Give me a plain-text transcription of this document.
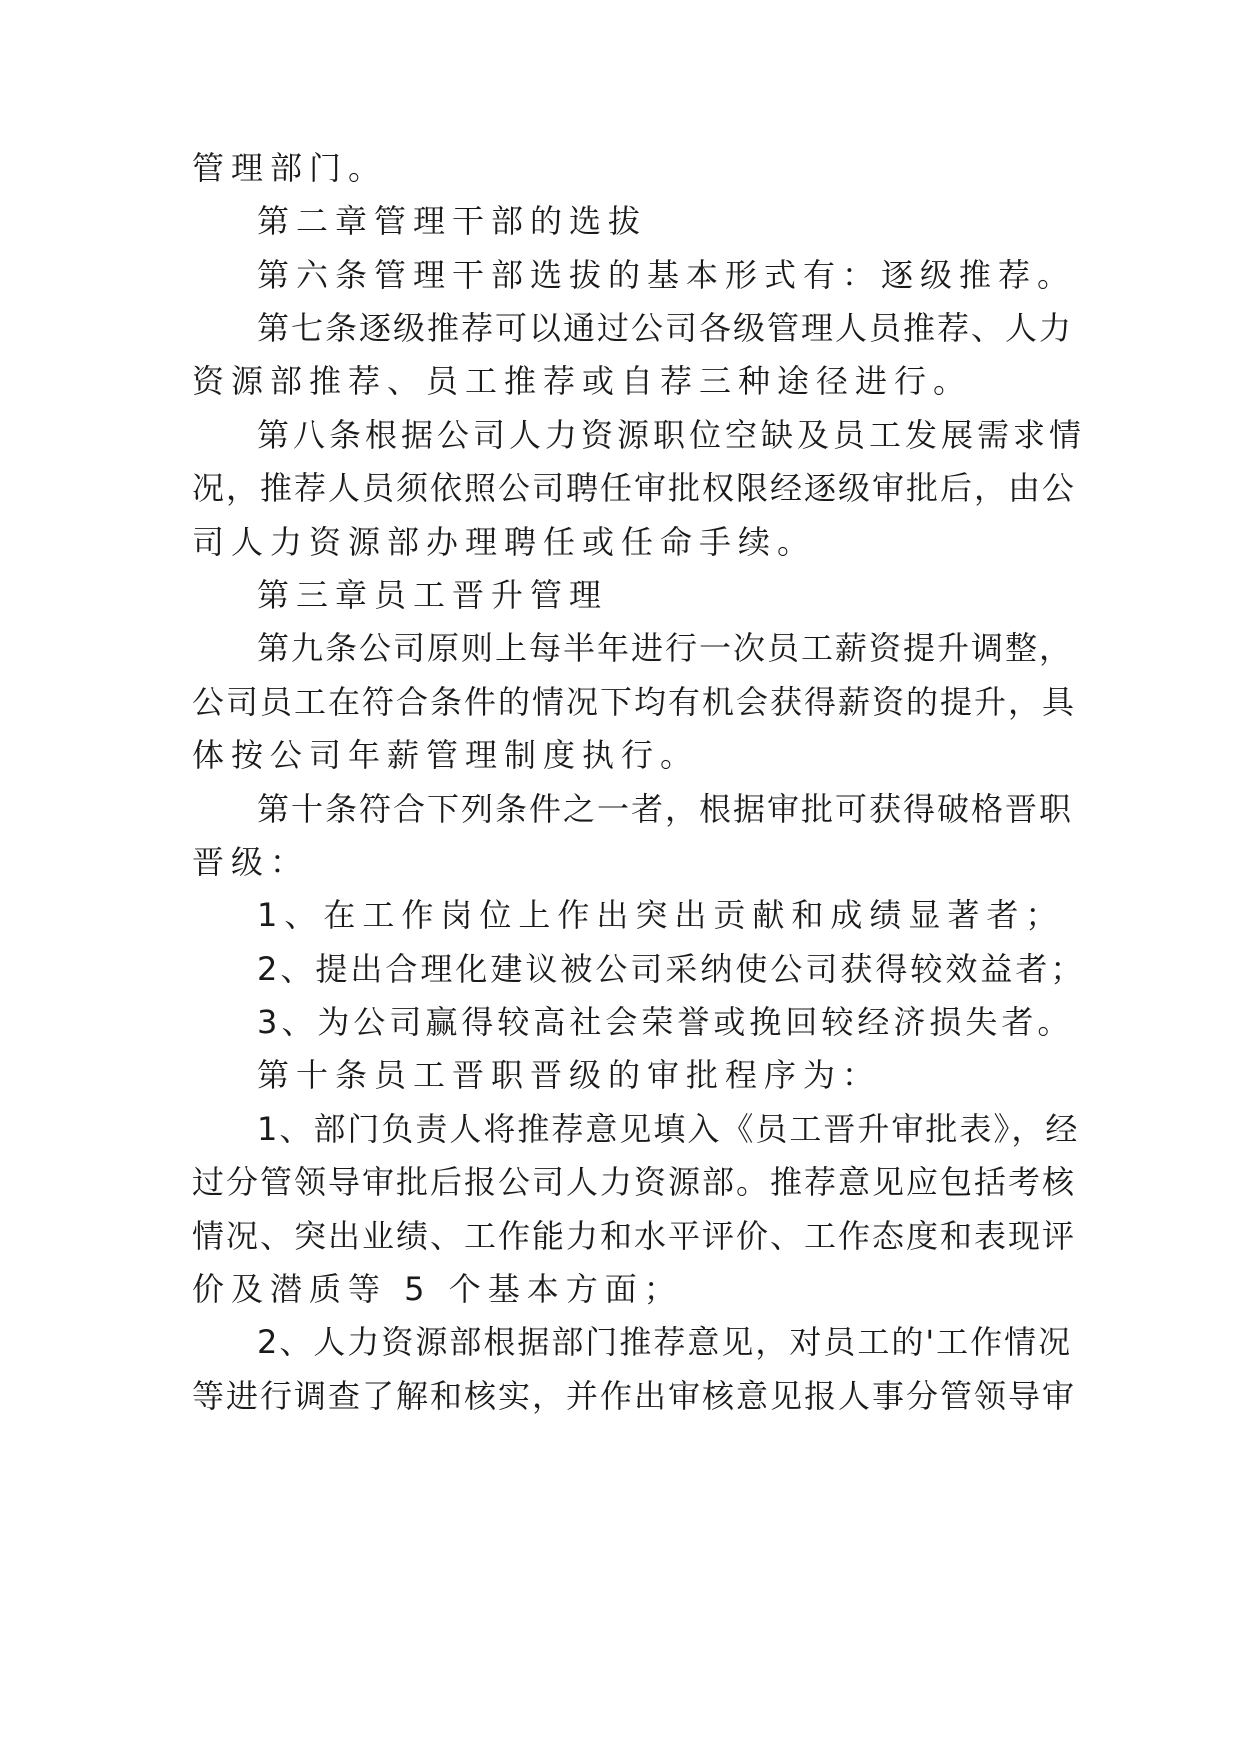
管理部门。
第二章管理干部的选拔
第六条管理干部选拔的基本形式有：逐级推荐。
第七条逐级推荐可以通过公司各级管理人员推荐、人力
资源部推荐、员工推荐或自荐三种途径进行。
第八条根据公司人力资源职位空缺及员工发展需求情
况，推荐人员须依照公司聘任审批权限经逐级审批后，由公
司人力资源部办理聘任或任命手续。
第三章员工晋升管理
第九条公司原则上每半年进行一次员工薪资提升调整，
公司员工在符合条件的情况下均有机会获得薪资的提升，具
体按公司年薪管理制度执行。
第十条符合下列条件之一者，根据审批可获得破格晋职
晋级：
1、在工作岗位上作出突出贡献和成绩显著者；
2、提出合理化建议被公司采纳使公司获得较效益者；
3、为公司赢得较高社会荣誉或挽回较经济损失者。
第十条员工晋职晋级的审批程序为：
1、部门负责人将推荐意见填入《员工晋升审批表》，经
过分管领导审批后报公司人力资源部。推荐意见应包括考核
情况、突出业绩、工作能力和水平评价、工作态度和表现评
价及潜质等 5 个基本方面；
2、人力资源部根据部门推荐意见，对员工的'工作情况
等进行调查了解和核实，并作出审核意见报人事分管领导审
